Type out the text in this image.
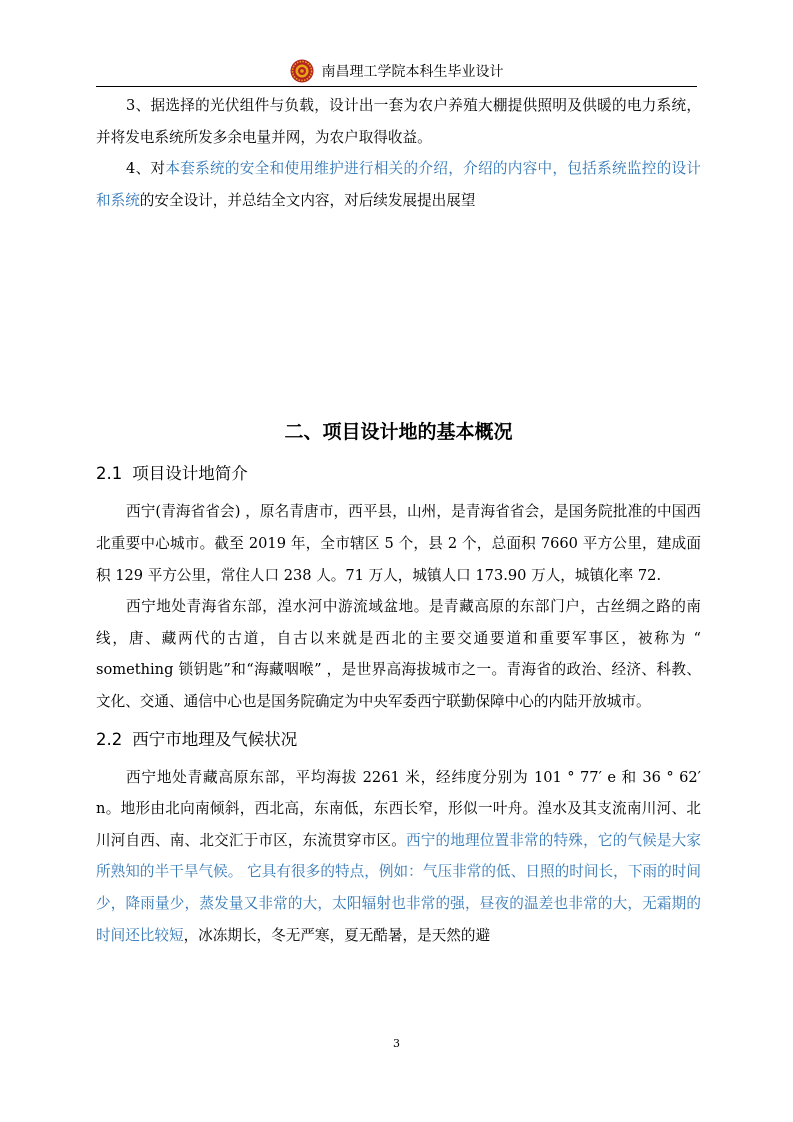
南昌理工学院本科生毕业设计

3、据选择的光伏组件与负载，设计出一套为农户养殖大棚提供照明及供暖的电力系统，并将发电系统所发多余电量并网，为农户取得收益。

4、对本套系统的安全和使用维护进行相关的介绍，介绍的内容中，包括系统监控的设计和系统的安全设计，并总结全文内容，对后续发展提出展望

二、项目设计地的基本概况
2.1 项目设计地简介

西宁(青海省省会) ，原名青唐市，西平县，山州，是青海省省会，是国务院批准的中国西北重要中心城市。截至 2019 年，全市辖区 5 个，县 2 个，总面积 7660 平方公里，建成面积 129 平方公里，常住人口 238 人。71 万人，城镇人口 173.90 万人，城镇化率 72.

西宁地处青海省东部，湟水河中游流域盆地。是青藏高原的东部门户，古丝绸之路的南线，唐、藏两代的古道，自古以来就是西北的主要交通要道和重要军事区，被称为 “ something 锁钥匙”和“海藏咽喉” ，是世界高海拔城市之一。青海省的政治、经济、科教、文化、交通、通信中心也是国务院确定为中央军委西宁联勤保障中心的内陆开放城市。

2.2 西宁市地理及气候状况

西宁地处青藏高原东部，平均海拔 2261 米，经纬度分别为 101 ° 77′ e 和 36 ° 62′ n。地形由北向南倾斜，西北高，东南低，东西长窄，形似一叶舟。湟水及其支流南川河、北川河自西、南、北交汇于市区，东流贯穿市区。西宁的地理位置非常的特殊，它的气候是大家所熟知的半干旱气候。 它具有很多的特点，例如：气压非常的低、日照的时间长，下雨的时间少，降雨量少，蒸发量又非常的大，太阳辐射也非常的强，昼夜的温差也非常的大，无霜期的时间还比较短，冰冻期长，冬无严寒，夏无酷暑，是天然的避

3
